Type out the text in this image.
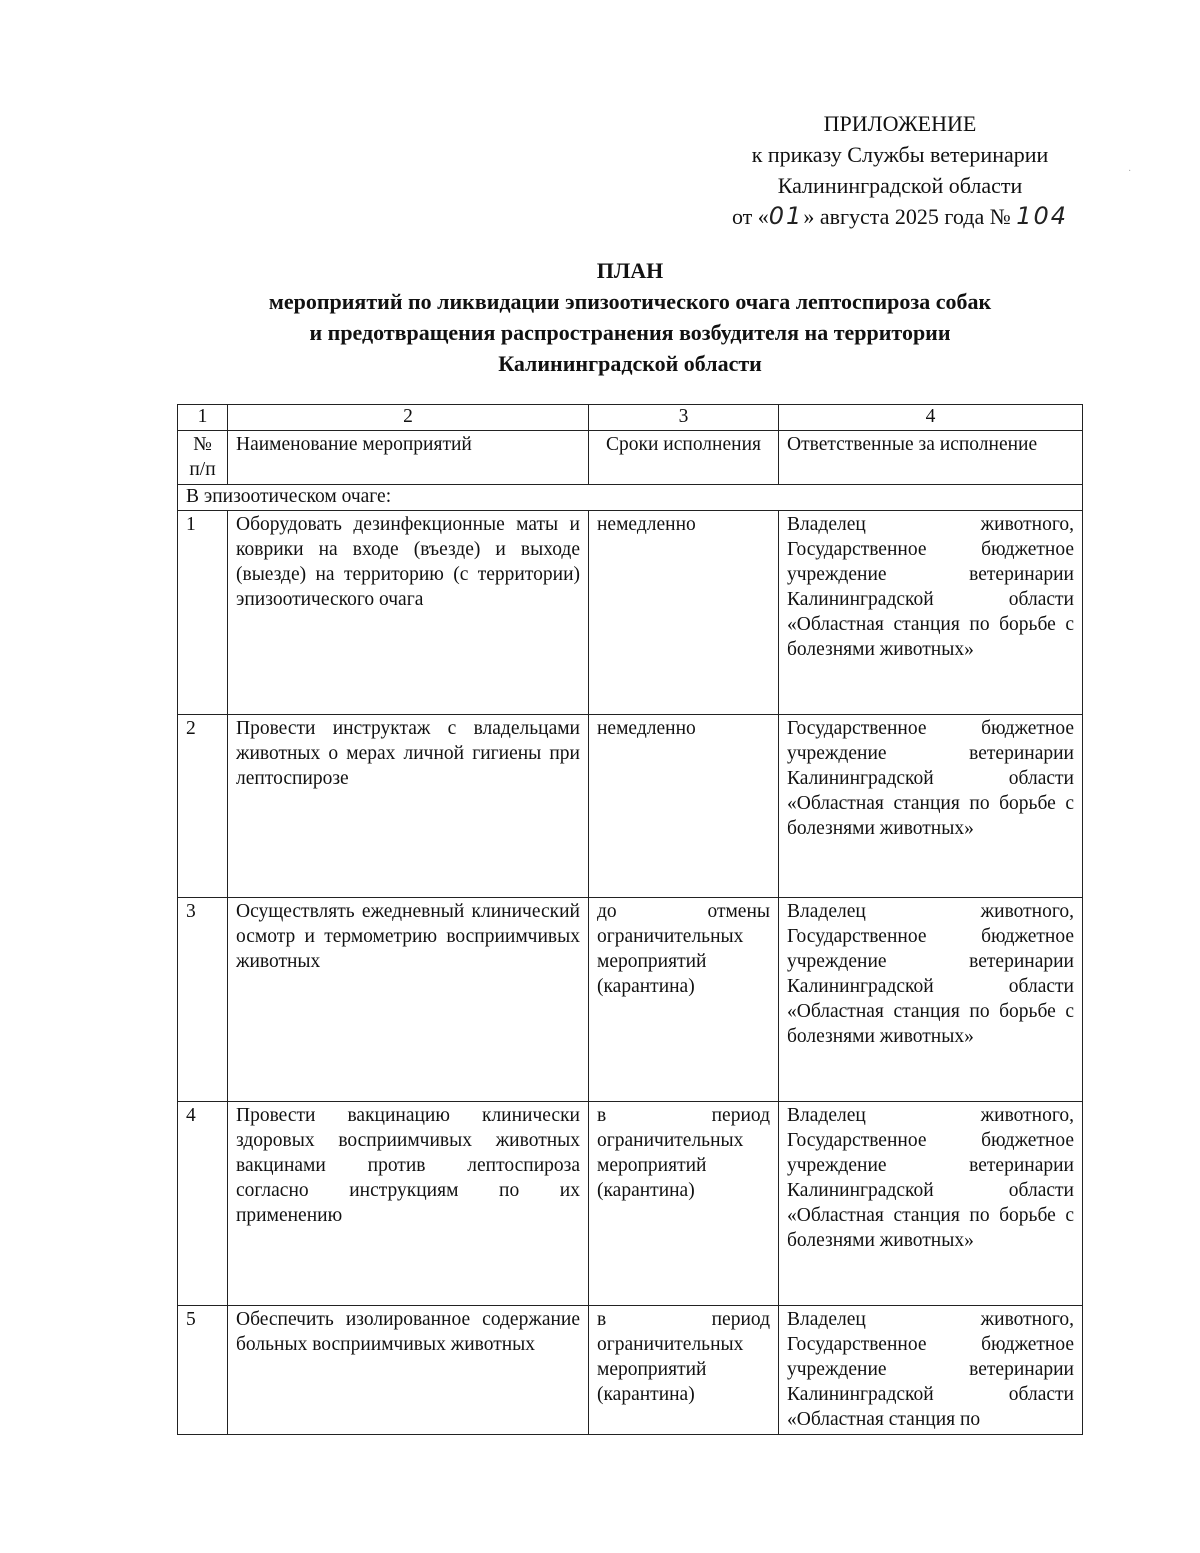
ПРИЛОЖЕНИЕ
к приказу Службы ветеринарии
Калининградской области
от «01» августа 2025 года № 104
·
ПЛАН
мероприятий по ликвидации эпизоотического очага лептоспироза собак
и предотвращения распространения возбудителя на территории
Калининградской области
1	2	3	4
№ п/п	Наименование мероприятий	Сроки исполнения	Ответственные за исполнение
В эпизоотическом очаге:			
1	Оборудовать дезинфекционные маты и коврики на входе (въезде) и выходе (выезде) на территорию (с территории) эпизоотического очага	немедленно	Владелец животного, Государственное бюджетное учреждение ветеринарии Калининградской области «Областная станция по борьбе с болезнями животных»
2	Провести инструктаж с владельцами животных о мерах личной гигиены при лептоспирозе	немедленно	Государственное бюджетное учреждение ветеринарии Калининградской области «Областная станция по борьбе с болезнями животных»
3	Осуществлять ежедневный клинический осмотр и термометрию восприимчивых животных	до отмены ограничительных мероприятий (карантина)	Владелец животного, Государственное бюджетное учреждение ветеринарии Калининградской области «Областная станция по борьбе с болезнями животных»
4	Провести вакцинацию клинически здоровых восприимчивых животных вакцинами против лептоспироза согласно инструкциям по их применению	в период ограничительных мероприятий (карантина)	Владелец животного, Государственное бюджетное учреждение ветеринарии Калининградской области «Областная станция по борьбе с болезнями животных»
5	Обеспечить изолированное содержание больных восприимчивых животных	в период ограничительных мероприятий (карантина)	Владелец животного, Государственное бюджетное учреждение ветеринарии Калининградской области «Областная станция по
